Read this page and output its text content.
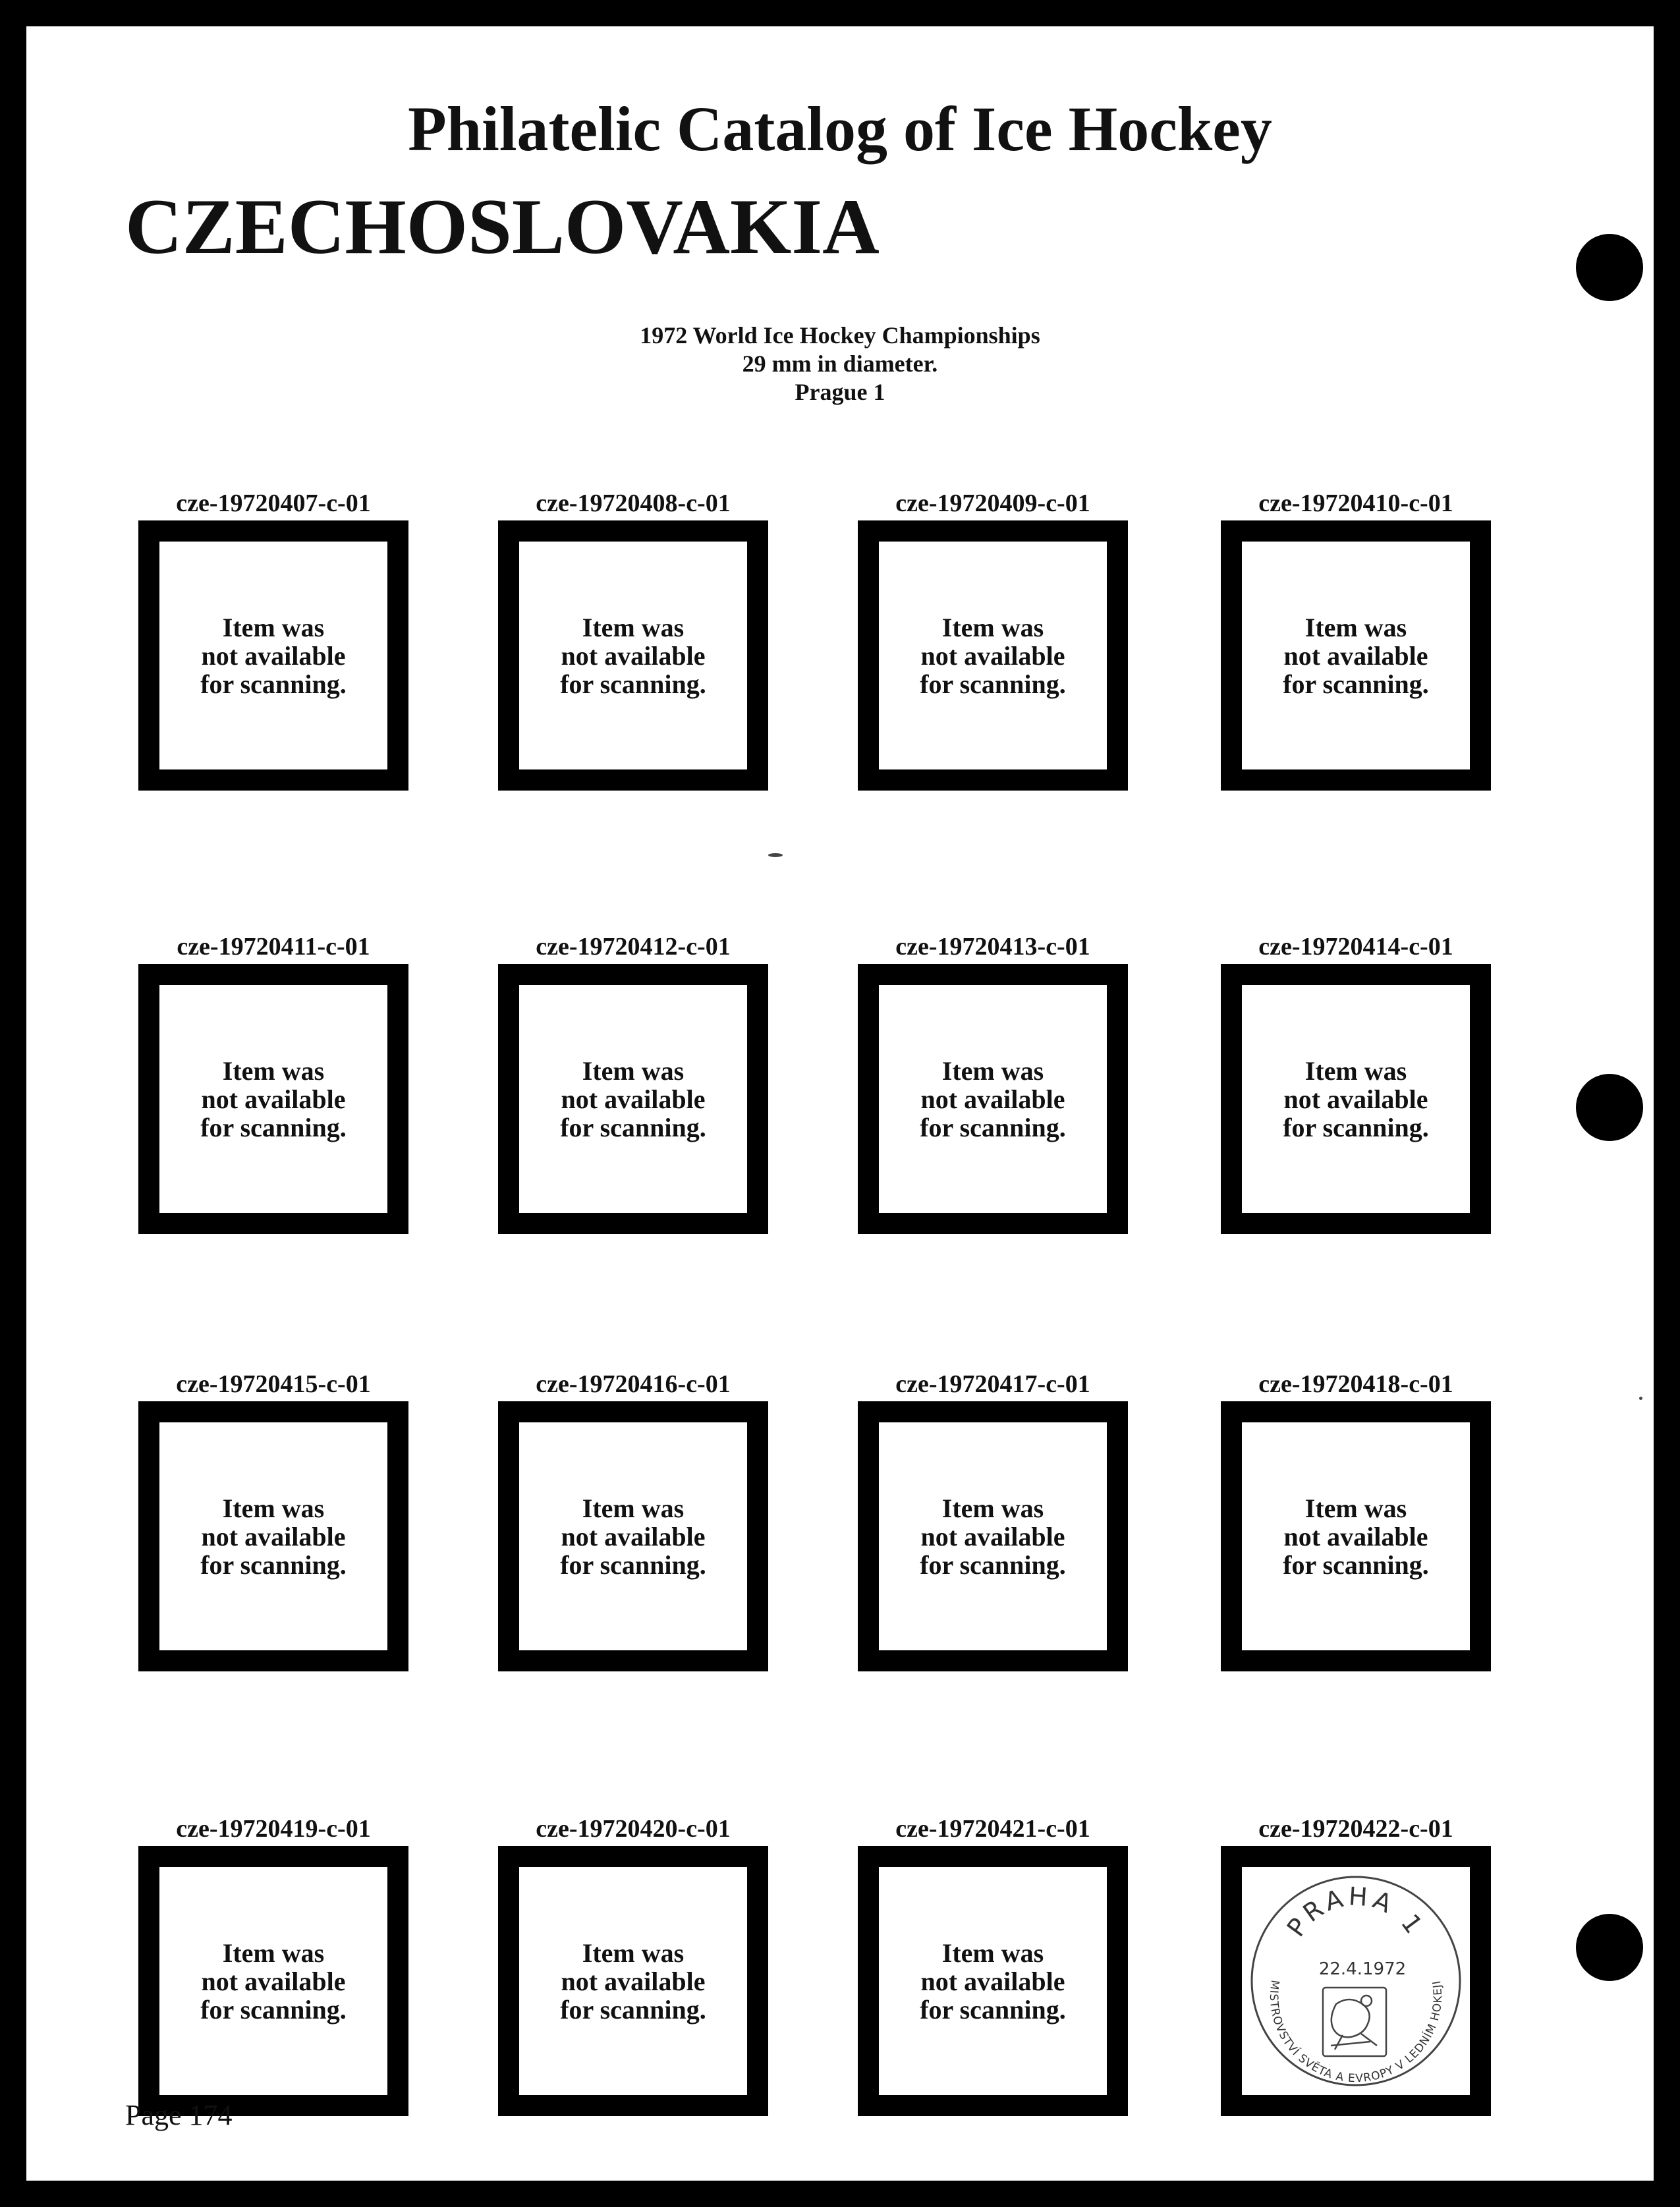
Philatelic Catalog of Ice Hockey
CZECHOSLOVAKIA
1972 World Ice Hockey Championships
29 mm in diameter.
Prague 1
cze-19720407-c-01
Item was
not available
for scanning.
cze-19720408-c-01
Item was
not available
for scanning.
cze-19720409-c-01
Item was
not available
for scanning.
cze-19720410-c-01
Item was
not available
for scanning.
cze-19720411-c-01
Item was
not available
for scanning.
cze-19720412-c-01
Item was
not available
for scanning.
cze-19720413-c-01
Item was
not available
for scanning.
cze-19720414-c-01
Item was
not available
for scanning.
cze-19720415-c-01
Item was
not available
for scanning.
cze-19720416-c-01
Item was
not available
for scanning.
cze-19720417-c-01
Item was
not available
for scanning.
cze-19720418-c-01
Item was
not available
for scanning.
cze-19720419-c-01
Item was
not available
for scanning.
cze-19720420-c-01
Item was
not available
for scanning.
cze-19720421-c-01
Item was
not available
for scanning.
cze-19720422-c-01
PRAHA 1
MISTROVSTVÍ SVĚTA A EVROPY V LEDNÍM HOKEJI
22.4.1972
Page 174
